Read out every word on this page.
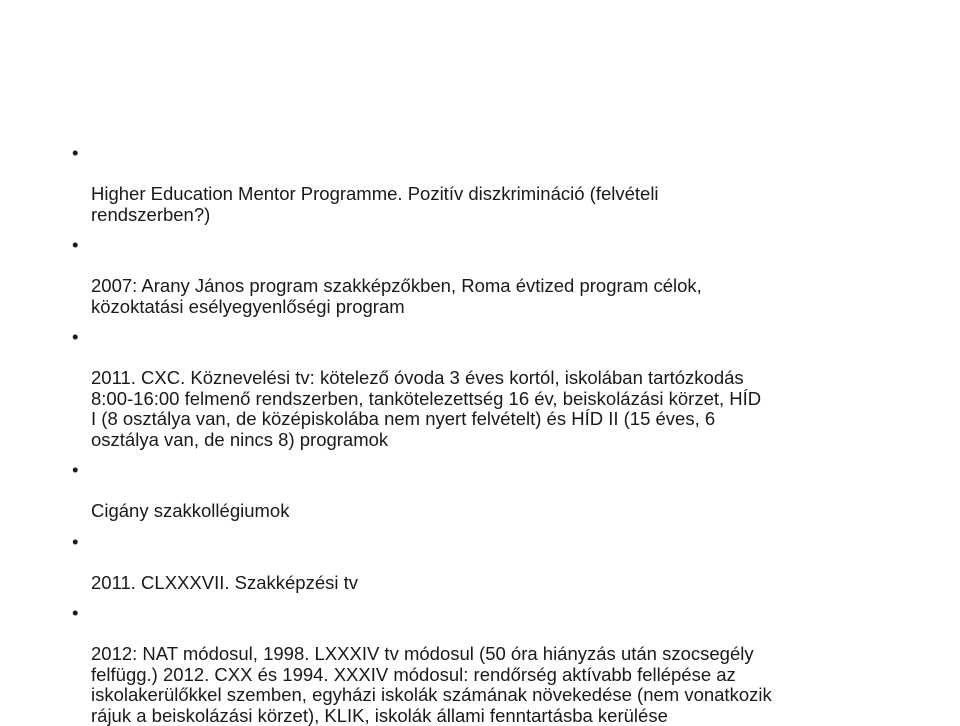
•

Higher Education Mentor Programme. Pozitív diszkrimináció (felvételi
rendszerben?)

•

2007: Arany János program szakképzőkben, Roma évtized program célok,
közoktatási esélyegyenlőségi program

•

2011. CXC. Köznevelési tv: kötelező óvoda 3 éves kortól, iskolában tartózkodás
8:00-16:00 felmenő rendszerben, tankötelezettség 16 év, beiskolázási körzet, HÍD
I (8 osztálya van, de középiskolába nem nyert felvételt) és HÍD II (15 éves, 6
osztálya van, de nincs 8) programok

•

Cigány szakkollégiumok

•

2011. CLXXXVII. Szakképzési tv

•

2012: NAT módosul, 1998. LXXXIV tv módosul (50 óra hiányzás után szocsegély
felfügg.) 2012. CXX és 1994. XXXIV módosul: rendőrség aktívabb fellépése az
iskolakerülőkkel szemben, egyházi iskolák számának növekedése (nem vonatkozik
rájuk a beiskolázási körzet), KLIK, iskolák állami fenntartásba kerülése
